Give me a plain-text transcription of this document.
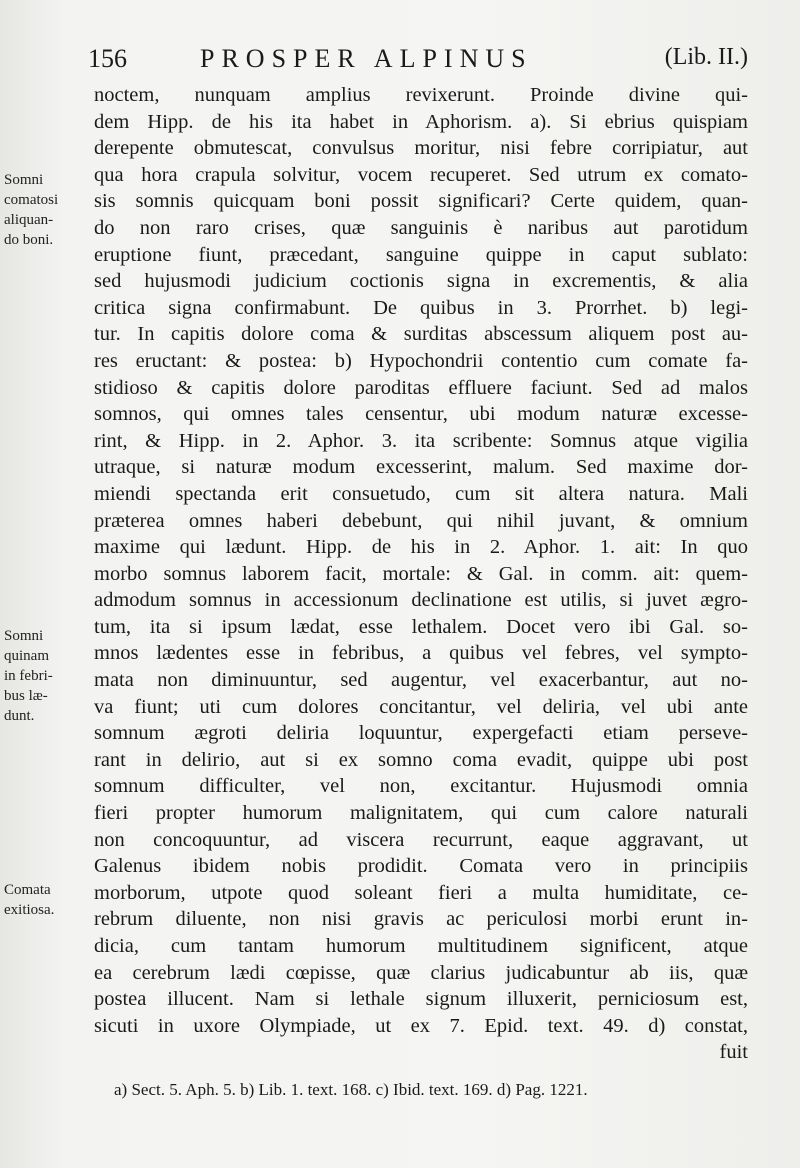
156	PROSPER ALPINUS	(Lib. II.)
Somni
comatosi
aliquan-
do boni.
Somni
quinam
in febri-
bus læ-
dunt.
Comata
exitiosa.
noctem, nunquam amplius revixerunt. Proinde divine qui-
dem Hipp. de his ita habet in Aphorism. a). Si ebrius quispiam
derepente obmutescat, convulsus moritur, nisi febre corripiatur, aut
qua hora crapula solvitur, vocem recuperet. Sed utrum ex comato-
sis somnis quicquam boni possit significari? Certe quidem, quan-
do non raro crises, quæ sanguinis è naribus aut parotidum
eruptione fiunt, præcedant, sanguine quippe in caput sublato:
sed hujusmodi judicium coctionis signa in excrementis, & alia
critica signa confirmabunt. De quibus in 3. Prorrhet. b) legi-
tur. In capitis dolore coma & surditas abscessum aliquem post au-
res eructant: & postea: b) Hypochondrii contentio cum comate fa-
stidioso & capitis dolore paroditas effluere faciunt. Sed ad malos
somnos, qui omnes tales censentur, ubi modum naturæ excesse-
rint, & Hipp. in 2. Aphor. 3. ita scribente: Somnus atque vigilia
utraque, si naturæ modum excesserint, malum. Sed maxime dor-
miendi spectanda erit consuetudo, cum sit altera natura. Mali
præterea omnes haberi debebunt, qui nihil juvant, & omnium
maxime qui lædunt. Hipp. de his in 2. Aphor. 1. ait: In quo
morbo somnus laborem facit, mortale: & Gal. in comm. ait: quem-
admodum somnus in accessionum declinatione est utilis, si juvet ægro-
tum, ita si ipsum lædat, esse lethalem. Docet vero ibi Gal. so-
mnos lædentes esse in febribus, a quibus vel febres, vel sympto-
mata non diminuuntur, sed augentur, vel exacerbantur, aut no-
va fiunt; uti cum dolores concitantur, vel deliria, vel ubi ante
somnum ægroti deliria loquuntur, expergefacti etiam perseve-
rant in delirio, aut si ex somno coma evadit, quippe ubi post
somnum difficulter, vel non, excitantur. Hujusmodi omnia
fieri propter humorum malignitatem, qui cum calore naturali
non concoquuntur, ad viscera recurrunt, eaque aggravant, ut
Galenus ibidem nobis prodidit. Comata vero in principiis
morborum, utpote quod soleant fieri a multa humiditate, ce-
rebrum diluente, non nisi gravis ac periculosi morbi erunt in-
dicia, cum tantam humorum multitudinem significent, atque
ea cerebrum lædi cœpisse, quæ clarius judicabuntur ab iis, quæ
postea illucent. Nam si lethale signum illuxerit, perniciosum est,
sicuti in uxore Olympiade, ut ex 7. Epid. text. 49. d) constat,
fuit
a) Sect. 5. Aph. 5. b) Lib. 1. text. 168. c) Ibid. text. 169. d) Pag. 1221.
